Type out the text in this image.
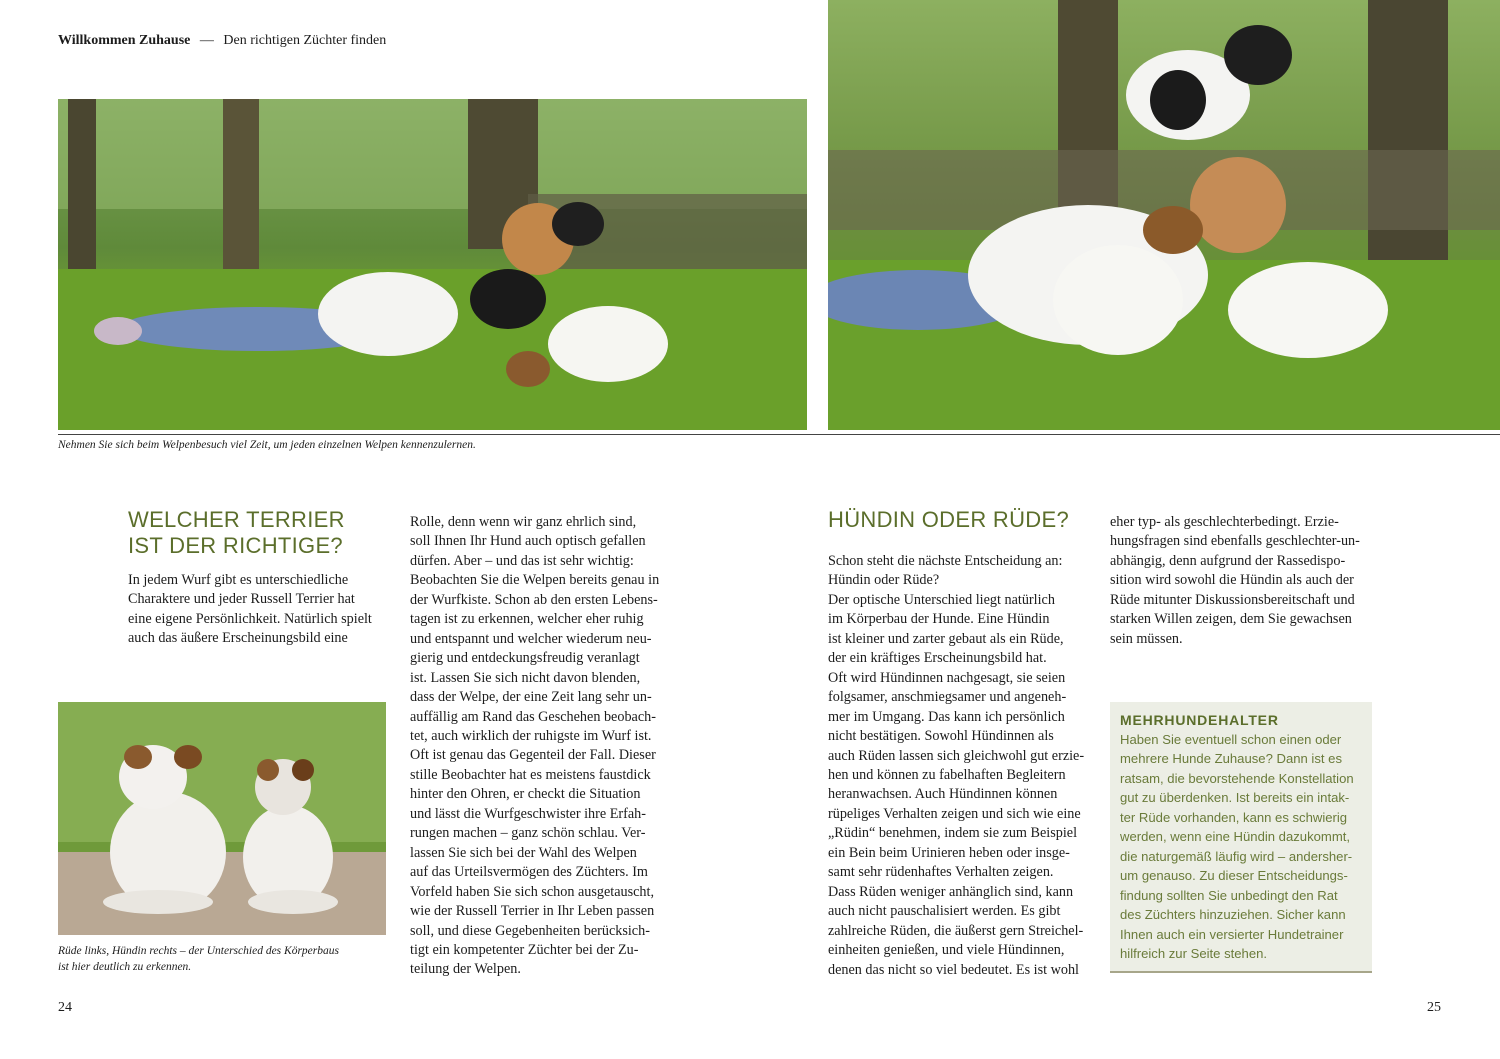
Willkommen Zuhause — Den richtigen Züchter finden
Nehmen Sie sich beim Welpenbesuch viel Zeit, um jeden einzelnen Welpen kennenzulernen.
WELCHER TERRIER
IST DER RICHTIGE?

In jedem Wurf gibt es unterschiedliche

Charaktere und jeder Russell Terrier hat

eine eigene Persönlichkeit. Natürlich spielt

auch das äußere Erscheinungsbild eine

Rüde links, Hündin rechts – der Unterschied des Körperbaus
ist hier deutlich zu erkennen.

Rolle, denn wenn wir ganz ehrlich sind,

soll Ihnen Ihr Hund auch optisch gefallen

dürfen. Aber – und das ist sehr wichtig:

Beobachten Sie die Welpen bereits genau in

der Wurfkiste. Schon ab den ersten Lebens-

tagen ist zu erkennen, welcher eher ruhig

und entspannt und welcher wiederum neu-

gierig und entdeckungsfreudig veranlagt

ist. Lassen Sie sich nicht davon blenden,

dass der Welpe, der eine Zeit lang sehr un-

auffällig am Rand das Geschehen beobach-

tet, auch wirklich der ruhigste im Wurf ist.

Oft ist genau das Gegenteil der Fall. Dieser

stille Beobachter hat es meistens faustdick

hinter den Ohren, er checkt die Situation

und lässt die Wurfgeschwister ihre Erfah-

rungen machen – ganz schön schlau. Ver-

lassen Sie sich bei der Wahl des Welpen

auf das Urteilsvermögen des Züchters. Im

Vorfeld haben Sie sich schon ausgetauscht,

wie der Russell Terrier in Ihr Leben passen

soll, und diese Gegebenheiten berücksich-

tigt ein kompetenter Züchter bei der Zu-

teilung der Welpen.

HÜNDIN ODER RÜDE?

Schon steht die nächste Entscheidung an:

Hündin oder Rüde?

Der optische Unterschied liegt natürlich

im Körperbau der Hunde. Eine Hündin

ist kleiner und zarter gebaut als ein Rüde,

der ein kräftiges Erscheinungsbild hat.

Oft wird Hündinnen nachgesagt, sie seien

folgsamer, anschmiegsamer und angeneh-

mer im Umgang. Das kann ich persönlich

nicht bestätigen. Sowohl Hündinnen als

auch Rüden lassen sich gleichwohl gut erzie-

hen und können zu fabelhaften Begleitern

heranwachsen. Auch Hündinnen können

rüpeliges Verhalten zeigen und sich wie eine

„Rüdin“ benehmen, indem sie zum Beispiel

ein Bein beim Urinieren heben oder insge-

samt sehr rüdenhaftes Verhalten zeigen.

Dass Rüden weniger anhänglich sind, kann

auch nicht pauschalisiert werden. Es gibt

zahlreiche Rüden, die äußerst gern Streichel-

einheiten genießen, und viele Hündinnen,

denen das nicht so viel bedeutet. Es ist wohl

eher typ- als geschlechterbedingt. Erzie-

hungsfragen sind ebenfalls geschlechter-un-

abhängig, denn aufgrund der Rassedispo-

sition wird sowohl die Hündin als auch der

Rüde mitunter Diskussionsbereitschaft und

starken Willen zeigen, dem Sie gewachsen

sein müssen.

MEHRHUNDEHALTER
Haben Sie eventuell schon einen oder
mehrere Hunde Zuhause? Dann ist es
ratsam, die bevorstehende Konstellation
gut zu überdenken. Ist bereits ein intak-
ter Rüde vorhanden, kann es schwierig
werden, wenn eine Hündin dazukommt,
die naturgemäß läufig wird – andersher-
um genauso. Zu dieser Entscheidungs-
findung sollten Sie unbedingt den Rat
des Züchters hinzuziehen. Sicher kann
Ihnen auch ein versierter Hundetrainer
hilfreich zur Seite stehen.
24	25
